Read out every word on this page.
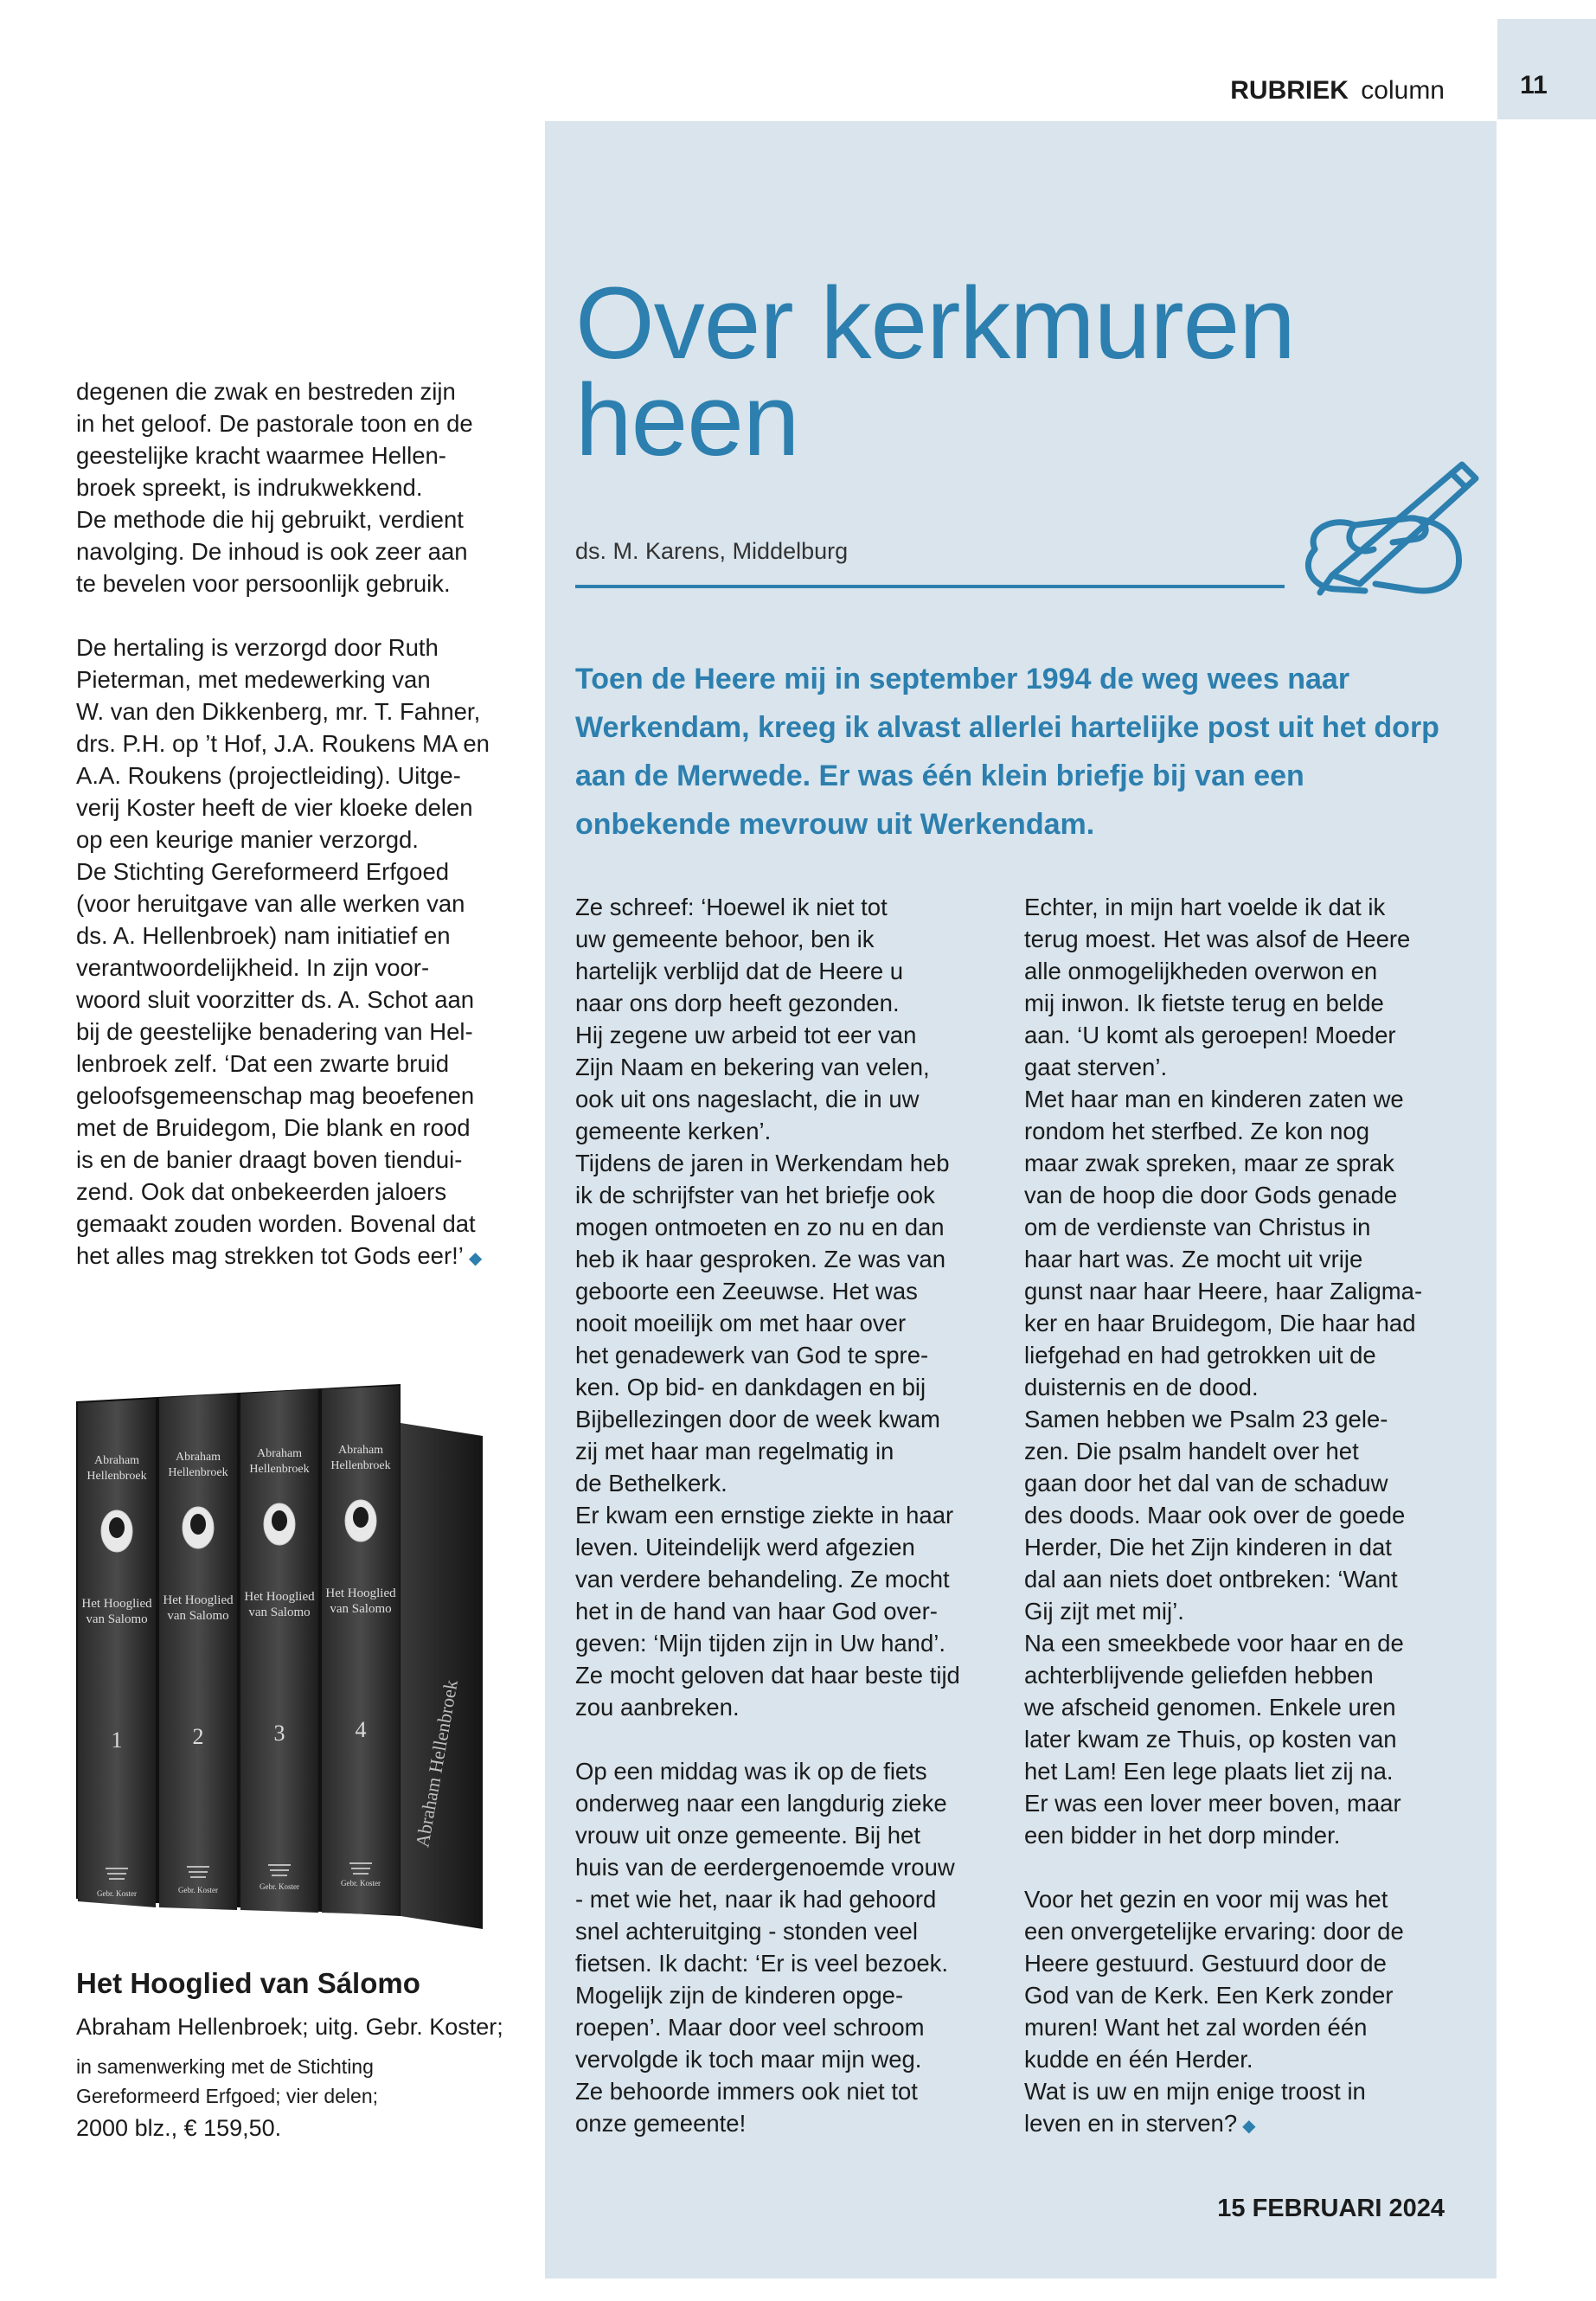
11
RUBRIEK column
Over kerkmuren heen
ds. M. Karens, Middelburg
Toen de Heere mij in september 1994 de weg wees naar Werkendam, kreeg ik alvast allerlei hartelijke post uit het dorp aan de Merwede. Er was één klein briefje bij van een onbekende mevrouw uit Werkendam.

Ze schreef: ‘Hoewel ik niet tot
uw gemeente behoor, ben ik
hartelijk verblijd dat de Heere u
naar ons dorp heeft gezonden.
Hij zegene uw arbeid tot eer van
Zijn Naam en bekering van velen,
ook uit ons nageslacht, die in uw
gemeente kerken’.
Tijdens de jaren in Werkendam heb
ik de schrijfster van het briefje ook
mogen ontmoeten en zo nu en dan
heb ik haar gesproken. Ze was van
geboorte een Zeeuwse. Het was
nooit moeilijk om met haar over
het genadewerk van God te spre-
ken. Op bid- en dankdagen en bij
Bijbellezingen door de week kwam
zij met haar man regelmatig in
de Bethelkerk.
Er kwam een ernstige ziekte in haar
leven. Uiteindelijk werd afgezien
van verdere behandeling. Ze mocht
het in de hand van haar God over-
geven: ‘Mijn tijden zijn in Uw hand’.
Ze mocht geloven dat haar beste tijd
zou aanbreken.

Op een middag was ik op de fiets
onderweg naar een langdurig zieke
vrouw uit onze gemeente. Bij het
huis van de eerdergenoemde vrouw
- met wie het, naar ik had gehoord
snel achteruitging - stonden veel
fietsen. Ik dacht: ‘Er is veel bezoek.
Mogelijk zijn de kinderen opge-
roepen’. Maar door veel schroom
vervolgde ik toch maar mijn weg.
Ze behoorde immers ook niet tot
onze gemeente!

Echter, in mijn hart voelde ik dat ik
terug moest. Het was alsof de Heere
alle onmogelijkheden overwon en
mij inwon. Ik fietste terug en belde
aan. ‘U komt als geroepen! Moeder
gaat sterven’.
Met haar man en kinderen zaten we
rondom het sterfbed. Ze kon nog
maar zwak spreken, maar ze sprak
van de hoop die door Gods genade
om de verdienste van Christus in
haar hart was. Ze mocht uit vrije
gunst naar haar Heere, haar Zaligma-
ker en haar Bruidegom, Die haar had
liefgehad en had getrokken uit de
duisternis en de dood.
Samen hebben we Psalm 23 gele-
zen. Die psalm handelt over het
gaan door het dal van de schaduw
des doods. Maar ook over de goede
Herder, Die het Zijn kinderen in dat
dal aan niets doet ontbreken: ‘Want
Gij zijt met mij’.
Na een smeekbede voor haar en de
achterblijvende geliefden hebben
we afscheid genomen. Enkele uren
later kwam ze Thuis, op kosten van
het Lam! Een lege plaats liet zij na.
Er was een lover meer boven, maar
een bidder in het dorp minder.

Voor het gezin en voor mij was het
een onvergetelijke ervaring: door de
Heere gestuurd. Gestuurd door de
God van de Kerk. Een Kerk zonder
muren! Want het zal worden één
kudde en één Herder.
Wat is uw en mijn enige troost in
leven en in sterven? ◆

degenen die zwak en bestreden zijn
in het geloof. De pastorale toon en de
geestelijke kracht waarmee Hellen-
broek spreekt, is indrukwekkend.
De methode die hij gebruikt, verdient
navolging. De inhoud is ook zeer aan
te bevelen voor persoonlijk gebruik.

De hertaling is verzorgd door Ruth
Pieterman, met medewerking van
W. van den Dikkenberg, mr. T. Fahner,
drs. P.H. op ’t Hof, J.A. Roukens MA en
A.A. Roukens (projectleiding). Uitge-
verij Koster heeft de vier kloeke delen
op een keurige manier verzorgd.
De Stichting Gereformeerd Erfgoed
(voor heruitgave van alle werken van
ds. A. Hellenbroek) nam initiatief en
verantwoordelijkheid. In zijn voor-
woord sluit voorzitter ds. A. Schot aan
bij de geestelijke benadering van Hel-
lenbroek zelf. ‘Dat een zwarte bruid
geloofsgemeenschap mag beoefenen
met de Bruidegom, Die blank en rood
is en de banier draagt boven tiendui-
zend. Ook dat onbekeerden jaloers
gemaakt zouden worden. Bovenal dat
het alles mag strekken tot Gods eer!’ ◆

Abraham
Hellenbroek
Het Hooglied
van Salomo
1
Gebr. Koster
Abraham
Hellenbroek
Het Hooglied
van Salomo
2
Gebr. Koster
Abraham
Hellenbroek
Het Hooglied
van Salomo
3
Gebr. Koster
Abraham
Hellenbroek
Het Hooglied
van Salomo
4
Gebr. Koster
Abraham Hellenbroek
Het Hooglied van Sálomo
Abraham Hellenbroek; uitg. Gebr. Koster;
in samenwerking met de Stichting
Gereformeerd Erfgoed; vier delen;
2000 blz., € 159,50.
15 FEBRUARI 2024
